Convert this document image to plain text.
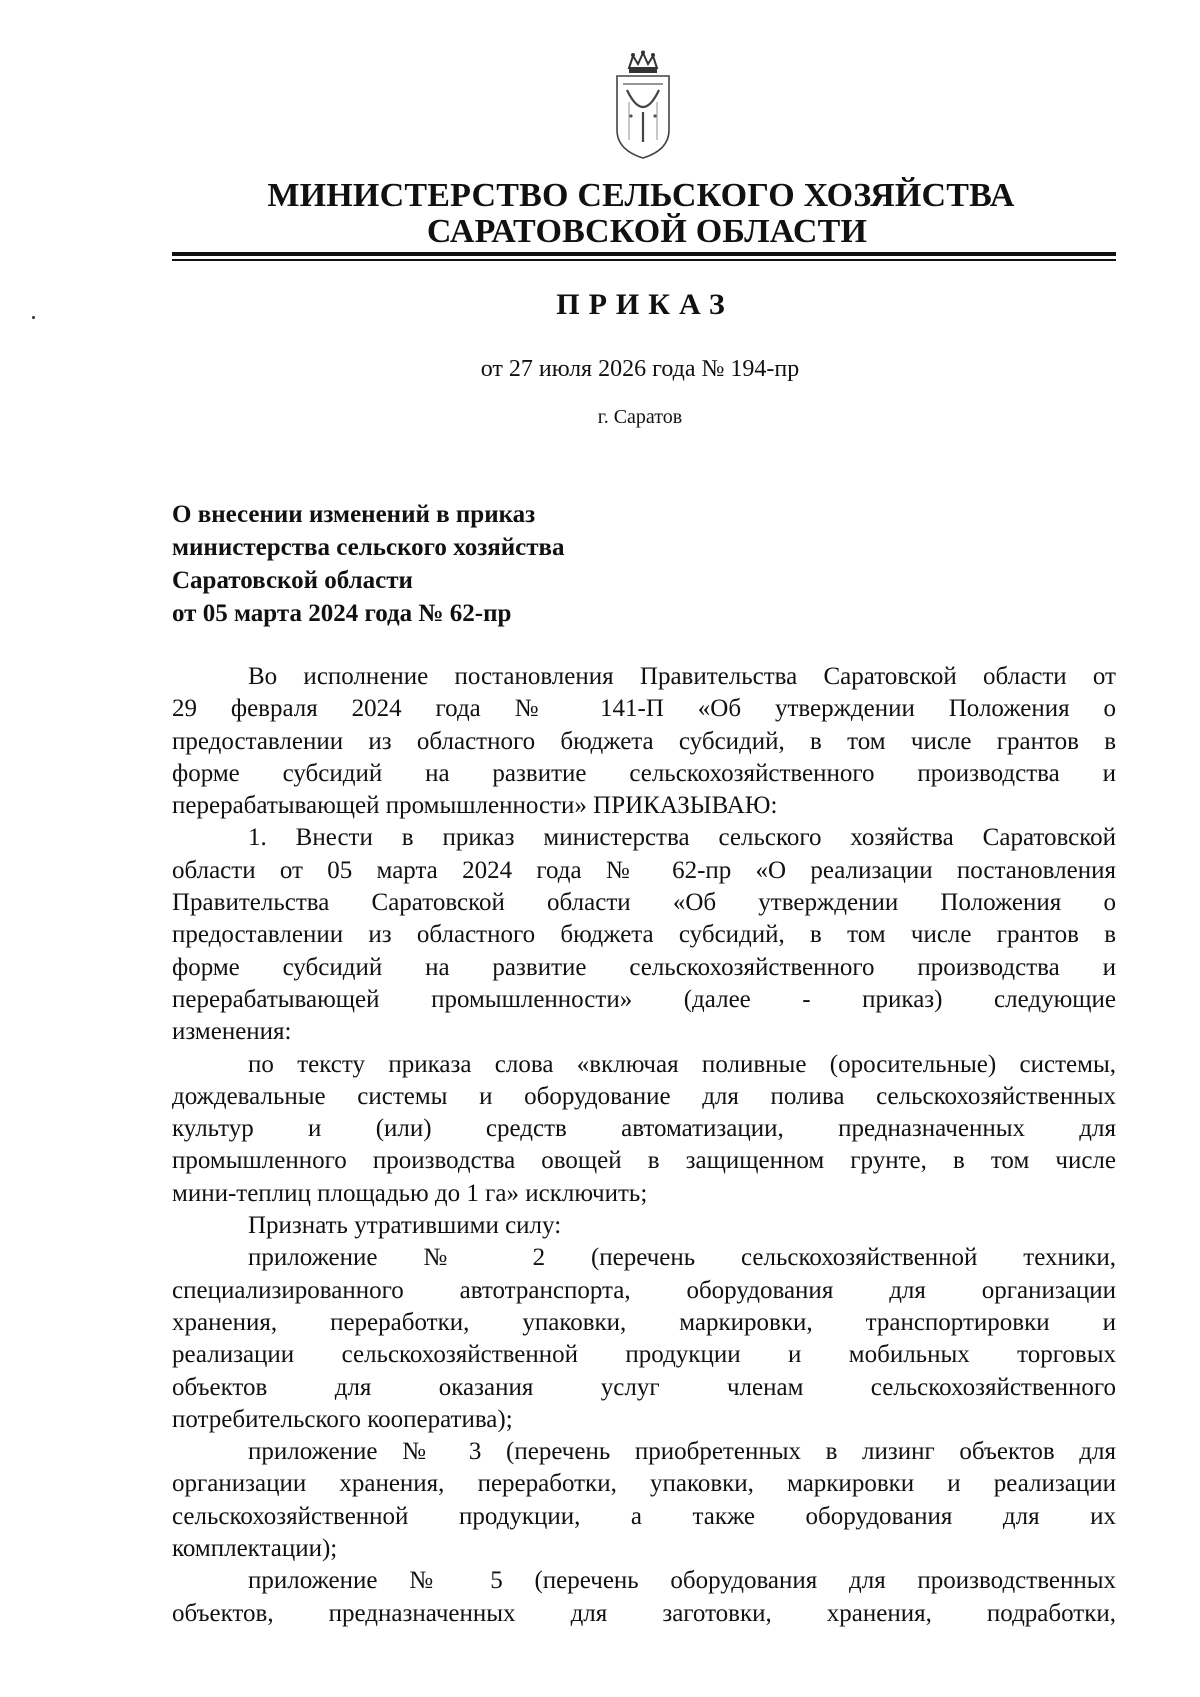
МИНИСТЕРСТВО СЕЛЬСКОГО ХОЗЯЙСТВА
САРАТОВСКОЙ ОБЛАСТИ
ПРИКАЗ
от 27 июля 2026 года № 194-пр
г. Саратов
О внесении изменений в приказ
министерства сельского хозяйства
Саратовской области
от 05 марта 2024 года № 62-пр
Во исполнение постановления Правительства Саратовской области от
29 февраля 2024 года № 141-П «Об утверждении Положения о
предоставлении из областного бюджета субсидий, в том числе грантов в
форме субсидий на развитие сельскохозяйственного производства и
перерабатывающей промышленности» ПРИКАЗЫВАЮ:
1. Внести в приказ министерства сельского хозяйства Саратовской
области от 05 марта 2024 года № 62-пр «О реализации постановления
Правительства Саратовской области «Об утверждении Положения о
предоставлении из областного бюджета субсидий, в том числе грантов в
форме субсидий на развитие сельскохозяйственного производства и
перерабатывающей промышленности» (далее - приказ) следующие
изменения:
по тексту приказа слова «включая поливные (оросительные) системы,
дождевальные системы и оборудование для полива сельскохозяйственных
культур и (или) средств автоматизации, предназначенных для
промышленного производства овощей в защищенном грунте, в том числе
мини-теплиц площадью до 1 га» исключить;
Признать утратившими силу:
приложение № 2 (перечень сельскохозяйственной техники,
специализированного автотранспорта, оборудования для организации
хранения, переработки, упаковки, маркировки, транспортировки и
реализации сельскохозяйственной продукции и мобильных торговых
объектов для оказания услуг членам сельскохозяйственного
потребительского кооператива);
приложение № 3 (перечень приобретенных в лизинг объектов для
организации хранения, переработки, упаковки, маркировки и реализации
сельскохозяйственной продукции, а также оборудования для их
комплектации);
приложение № 5 (перечень оборудования для производственных
объектов, предназначенных для заготовки, хранения, подработки,
